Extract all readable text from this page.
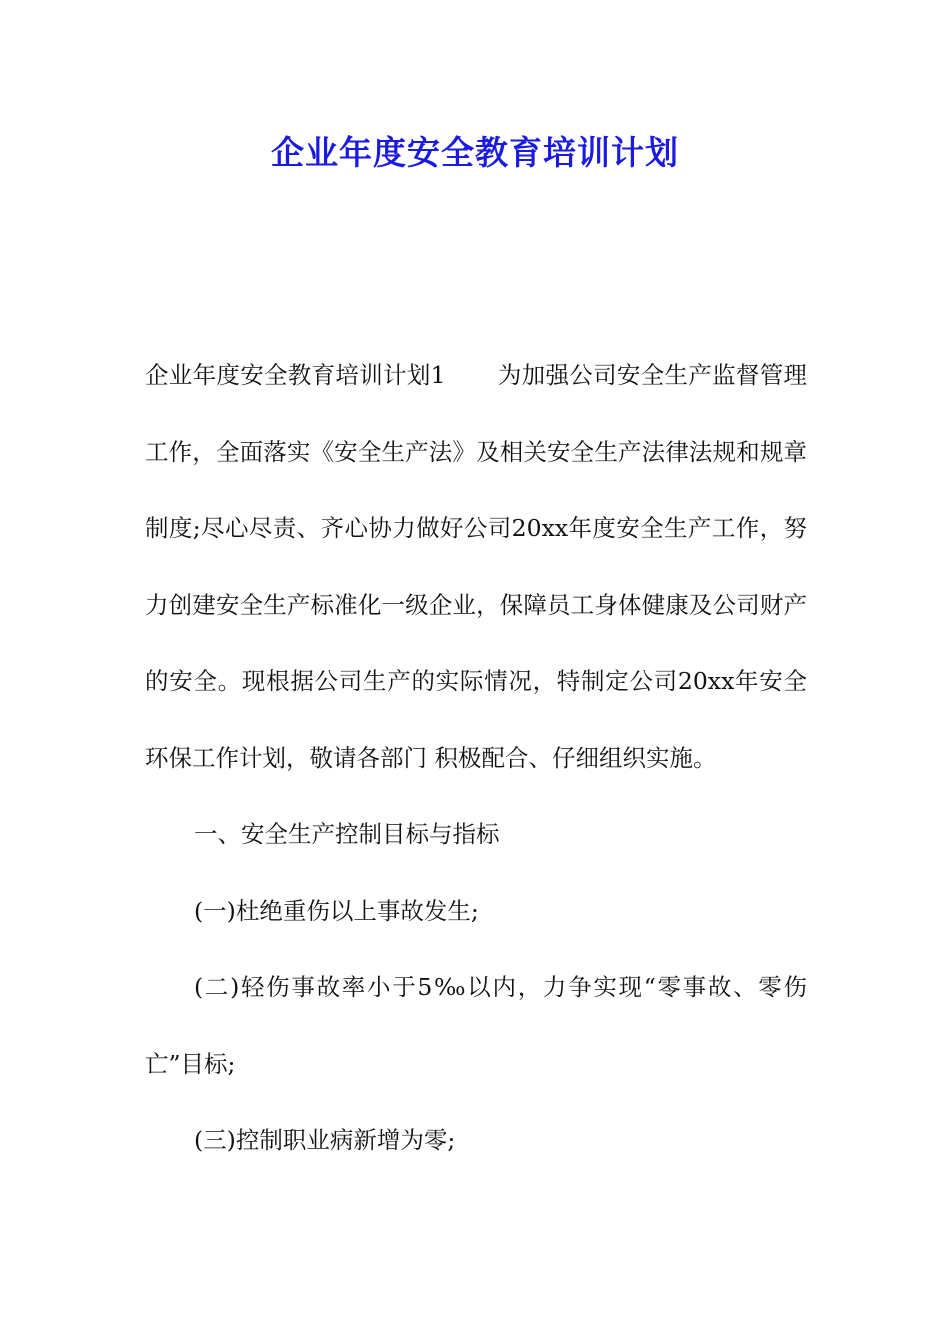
企业年度安全教育培训计划

企业年度安全教育培训计划1 为加强公司安全生产监督管理工作，全面落实《安全生产法》及相关安全生产法律法规和规章制度;尽心尽责、齐心协力做好公司20xx年度安全生产工作，努力创建安全生产标准化一级企业，保障员工身体健康及公司财产的安全。现根据公司生产的实际情况，特制定公司20xx年安全环保工作计划，敬请各部门 积极配合、仔细组织实施。

一、安全生产控制目标与指标

(一)杜绝重伤以上事故发生;

(二)轻伤事故率小于5‰以内，力争实现“零事故、零伤亡”目标;

(三)控制职业病新增为零;
